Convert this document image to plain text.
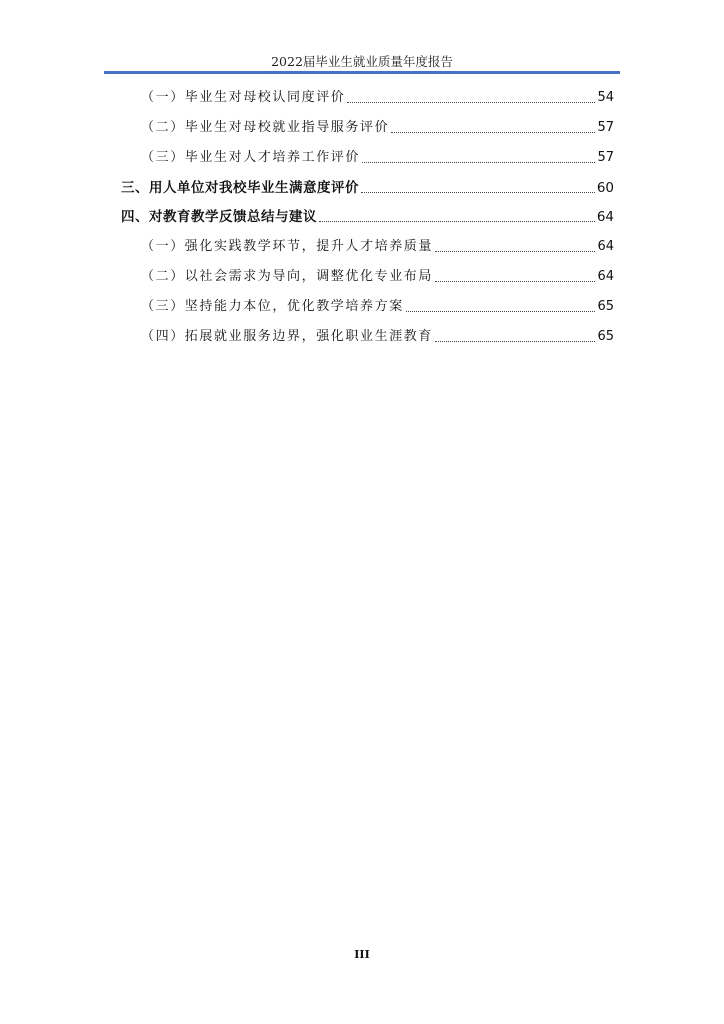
2022届毕业生就业质量年度报告
（一）毕业生对母校认同度评价	54
（二）毕业生对母校就业指导服务评价	57
（三）毕业生对人才培养工作评价	57
三、用人单位对我校毕业生满意度评价	60
四、对教育教学反馈总结与建议	64
（一）强化实践教学环节，提升人才培养质量	64
（二）以社会需求为导向，调整优化专业布局	64
（三）坚持能力本位，优化教学培养方案	65
（四）拓展就业服务边界，强化职业生涯教育	65
III
